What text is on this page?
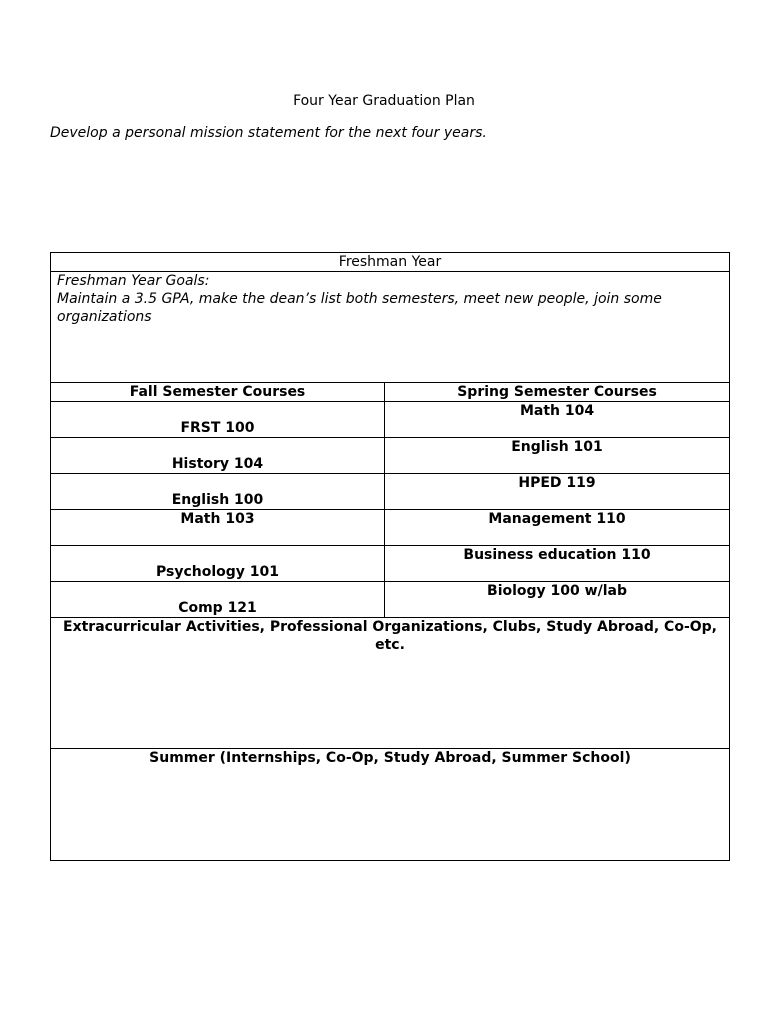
Four Year Graduation Plan
Develop a personal mission statement for the next four years.
Freshman Year	

Freshman Year Goals:
Maintain a 3.5 GPA, make the dean’s list both semesters, meet new people, join some organizations	

Fall Semester Courses	Spring Semester Courses
FRST 100	Math 104
History 104	English 101
English 100	HPED 119
Math 103	Management 110
Psychology 101	Business education 110
Comp 121	Biology 100 w/lab
Extracurricular Activities, Professional Organizations, Clubs, Study Abroad, Co-Op, etc.	
Summer (Internships, Co-Op, Study Abroad, Summer School)	
